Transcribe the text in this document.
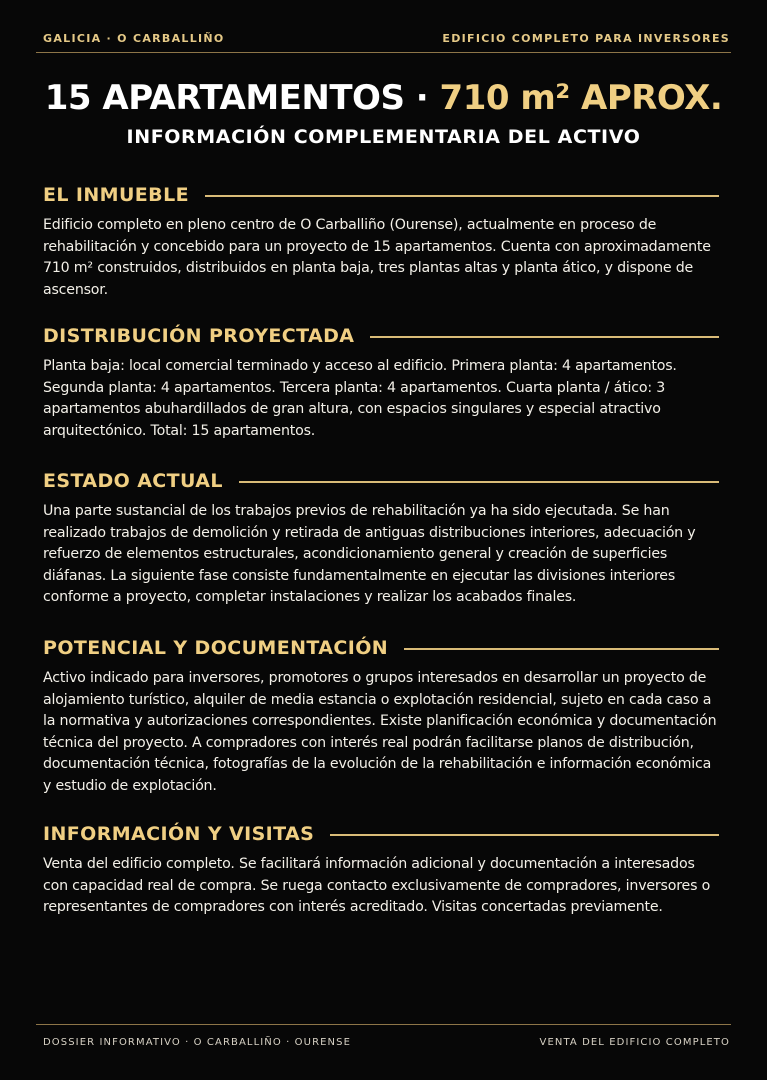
GALICIA · O CARBALLIÑO	EDIFICIO COMPLETO PARA INVERSORES
15 APARTAMENTOS · 710 m² APROX.
INFORMACIÓN COMPLEMENTARIA DEL ACTIVO
EL INMUEBLE

Edificio completo en pleno centro de O Carballiño (Ourense), actualmente en proceso de rehabilitación y concebido para un proyecto de 15 apartamentos. Cuenta con aproximadamente 710 m² construidos, distribuidos en planta baja, tres plantas altas y planta ático, y dispone de ascensor.

DISTRIBUCIÓN PROYECTADA

Planta baja: local comercial terminado y acceso al edificio. Primera planta: 4 apartamentos. Segunda planta: 4 apartamentos. Tercera planta: 4 apartamentos. Cuarta planta / ático: 3 apartamentos abuhardillados de gran altura, con espacios singulares y especial atractivo arquitectónico. Total: 15 apartamentos.

ESTADO ACTUAL

Una parte sustancial de los trabajos previos de rehabilitación ya ha sido ejecutada. Se han realizado trabajos de demolición y retirada de antiguas distribuciones interiores, adecuación y refuerzo de elementos estructurales, acondicionamiento general y creación de superficies diáfanas. La siguiente fase consiste fundamentalmente en ejecutar las divisiones interiores conforme a proyecto, completar instalaciones y realizar los acabados finales.

POTENCIAL Y DOCUMENTACIÓN

Activo indicado para inversores, promotores o grupos interesados en desarrollar un proyecto de alojamiento turístico, alquiler de media estancia o explotación residencial, sujeto en cada caso a la normativa y autorizaciones correspondientes. Existe planificación económica y documentación técnica del proyecto. A compradores con interés real podrán facilitarse planos de distribución, documentación técnica, fotografías de la evolución de la rehabilitación e información económica y estudio de explotación.

INFORMACIÓN Y VISITAS

Venta del edificio completo. Se facilitará información adicional y documentación a interesados con capacidad real de compra. Se ruega contacto exclusivamente de compradores, inversores o representantes de compradores con interés acreditado. Visitas concertadas previamente.

DOSSIER INFORMATIVO · O CARBALLIÑO · OURENSE	VENTA DEL EDIFICIO COMPLETO
